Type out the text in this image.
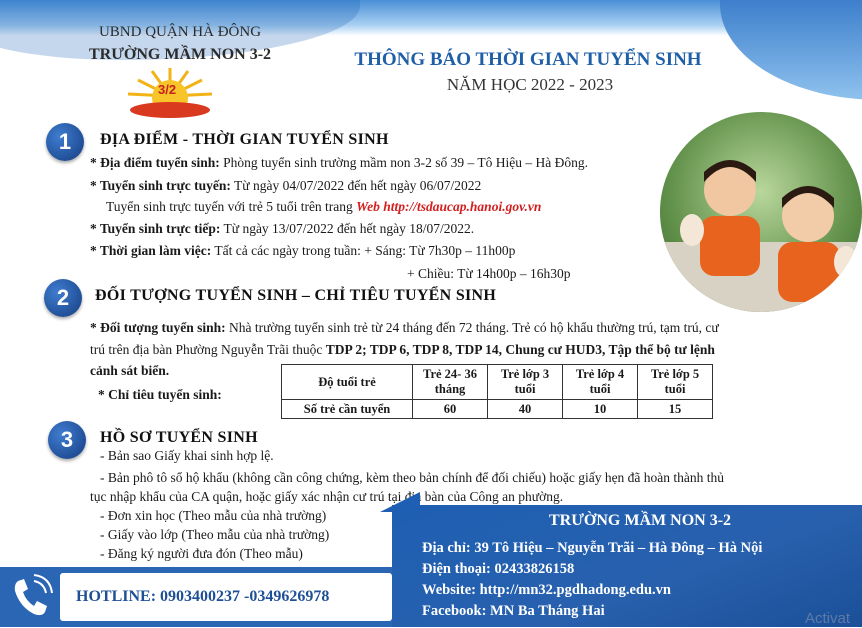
UBND QUẬN HÀ ĐÔNG
TRƯỜNG MẦM NON 3-2
3/2
THÔNG BÁO THỜI GIAN TUYỂN SINH
NĂM HỌC 2022 - 2023
1	ĐỊA ĐIỂM - THỜI GIAN TUYỂN SINH
* Địa điểm tuyển sinh: Phòng tuyển sinh trường mầm non 3-2 số 39 – Tô Hiệu – Hà Đông.
* Tuyển sinh trực tuyến: Từ ngày 04/07/2022 đến hết ngày 06/07/2022
Tuyển sinh trực tuyến với trẻ 5 tuổi trên trang Web http://tsdaucap.hanoi.gov.vn
* Tuyển sinh trực tiếp: Từ ngày 13/07/2022 đến hết ngày 18/07/2022.
* Thời gian làm việc: Tất cả các ngày trong tuần: + Sáng: Từ 7h30p – 11h00p
+ Chiều: Từ 14h00p – 16h30p
2	ĐỐI TƯỢNG TUYỂN SINH – CHỈ TIÊU TUYỂN SINH
* Đối tượng tuyển sinh: Nhà trường tuyển sinh trẻ từ 24 tháng đến 72 tháng. Trẻ có hộ khẩu thường trú, tạm trú, cư
trú trên địa bàn Phường Nguyễn Trãi thuộc TDP 2; TDP 6, TDP 8, TDP 14, Chung cư HUD3, Tập thể bộ tư lệnh
cảnh sát biển.
* Chỉ tiêu tuyển sinh:
Độ tuổi trẻ	Trẻ 24- 36 tháng	Trẻ lớp 3 tuổi	Trẻ lớp 4 tuổi	Trẻ lớp 5 tuổi
Số trẻ cần tuyển	60	40	10	15
3	HỒ SƠ TUYỂN SINH
- Bản sao Giấy khai sinh hợp lệ.
- Bản phô tô sổ hộ khẩu (không cần công chứng, kèm theo bản chính để đối chiếu) hoặc giấy hẹn đã hoàn thành thủ
tục nhập khẩu của CA quận, hoặc giấy xác nhận cư trú tại địa bàn của Công an phường.
- Đơn xin học (Theo mẫu của nhà trường)
- Giấy vào lớp (Theo mẫu của nhà trường)
- Đăng ký người đưa đón (Theo mẫu)
TRƯỜNG MẦM NON 3-2
Địa chỉ: 39 Tô Hiệu – Nguyễn Trãi – Hà Đông – Hà Nội
Điện thoại: 02433826158
Website: http://mn32.pgdhadong.edu.vn
Facebook: MN Ba Tháng Hai	Activat
HOTLINE: 0903400237 -0349626978
